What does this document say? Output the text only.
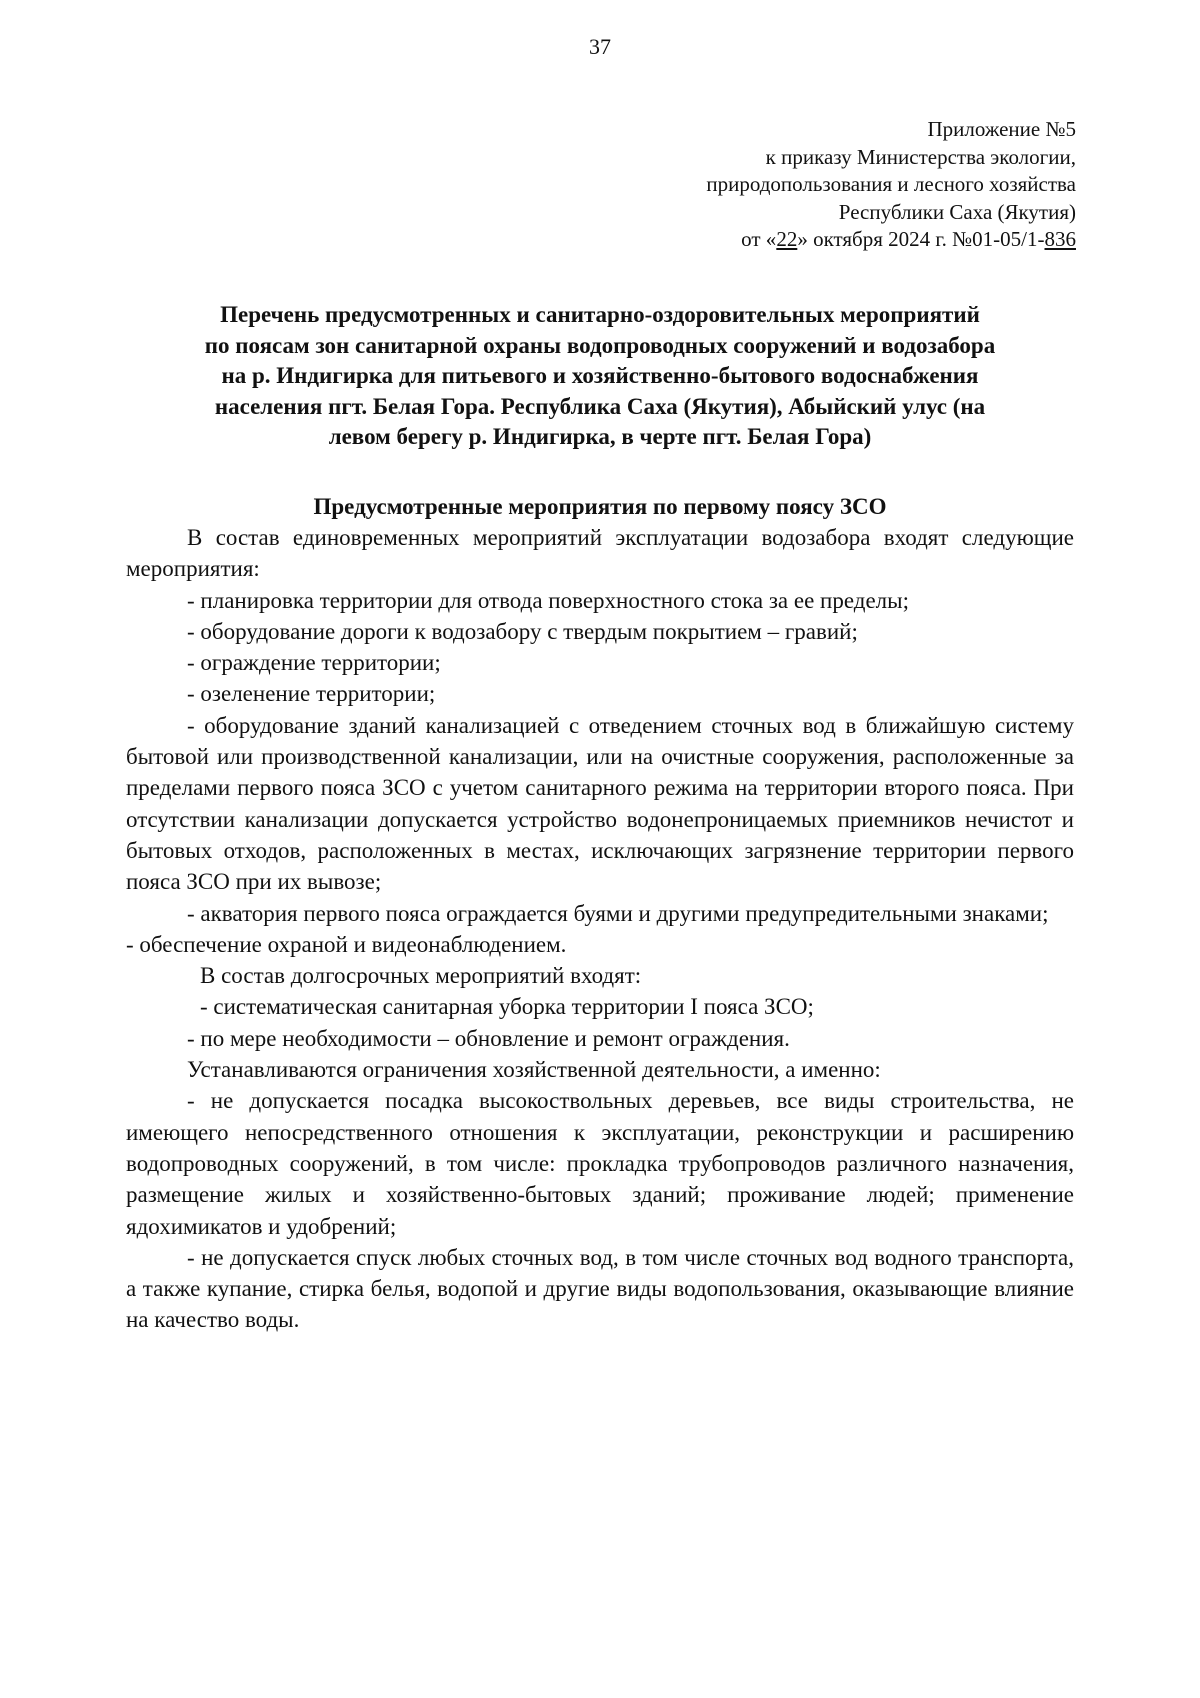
37
Приложение №5
к приказу Министерства экологии,
природопользования и лесного хозяйства
Республики Саха (Якутия)
от «22» октября 2024 г. №01-05/1-836
Перечень предусмотренных и санитарно-оздоровительных мероприятий
по поясам зон санитарной охраны водопроводных сооружений и водозабора
на р. Индигирка для питьевого и хозяйственно-бытового водоснабжения
населения пгт. Белая Гора. Республика Саха (Якутия), Абыйский улус (на
левом берегу р. Индигирка, в черте пгт. Белая Гора)
Предусмотренные мероприятия по первому поясу ЗСО

В состав единовременных мероприятий эксплуатации водозабора входят следующие мероприятия:

- планировка территории для отвода поверхностного стока за ее пределы;

- оборудование дороги к водозабору с твердым покрытием – гравий;

- ограждение территории;

- озеленение территории;

- оборудование зданий канализацией с отведением сточных вод в ближайшую систему бытовой или производственной канализации, или на очистные сооружения, расположенные за пределами первого пояса ЗСО с учетом санитарного режима на территории второго пояса. При отсутствии канализации допускается устройство водонепроницаемых приемников нечистот и бытовых отходов, расположенных в местах, исключающих загрязнение территории первого пояса ЗСО при их вывозе;

- акватория первого пояса ограждается буями и другими предупредительными знаками;

- обеспечение охраной и видеонаблюдением.

В состав долгосрочных мероприятий входят:

- систематическая санитарная уборка территории I пояса ЗСО;

- по мере необходимости – обновление и ремонт ограждения.

Устанавливаются ограничения хозяйственной деятельности, а именно:

- не допускается посадка высокоствольных деревьев, все виды строительства, не имеющего непосредственного отношения к эксплуатации, реконструкции и расширению водопроводных сооружений, в том числе: прокладка трубопроводов различного назначения, размещение жилых и хозяйственно-бытовых зданий; проживание людей; применение ядохимикатов и удобрений;

- не допускается спуск любых сточных вод, в том числе сточных вод водного транспорта, а также купание, стирка белья, водопой и другие виды водопользования, оказывающие влияние на качество воды.
